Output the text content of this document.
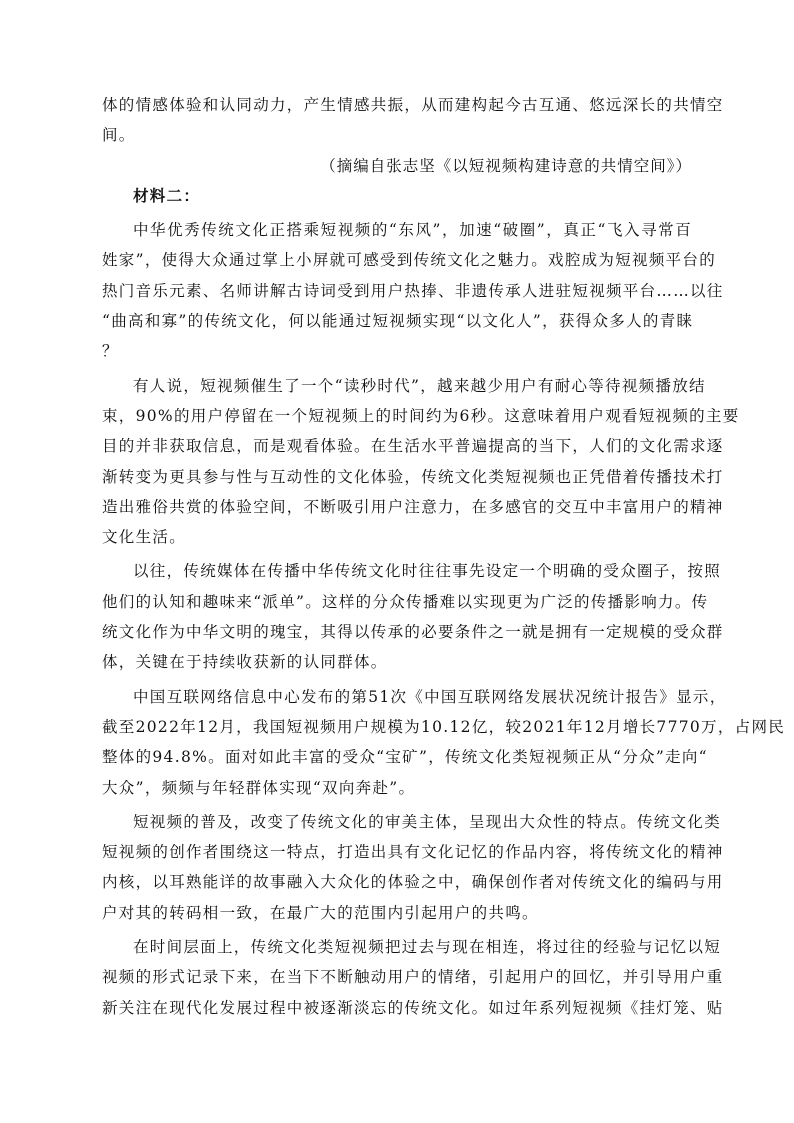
体的情感体验和认同动力，产生情感共振，从而建构起今古互通、悠远深长的共情空
间。
（摘编自张志坚《以短视频构建诗意的共情空间》）
材料二：
中华优秀传统文化正搭乘短视频的“东风”，加速“破圈”，真正“飞入寻常百
姓家”，使得大众通过掌上小屏就可感受到传统文化之魅力。戏腔成为短视频平台的
热门音乐元素、名师讲解古诗词受到用户热捧、非遗传承人进驻短视频平台……以往
“曲高和寡”的传统文化，何以能通过短视频实现“以文化人”，获得众多人的青睐
？
有人说，短视频催生了一个“读秒时代”，越来越少用户有耐心等待视频播放结
束，90%的用户停留在一个短视频上的时间约为6秒。这意味着用户观看短视频的主要
目的并非获取信息，而是观看体验。在生活水平普遍提高的当下，人们的文化需求逐
渐转变为更具参与性与互动性的文化体验，传统文化类短视频也正凭借着传播技术打
造出雅俗共赏的体验空间，不断吸引用户注意力，在多感官的交互中丰富用户的精神
文化生活。
以往，传统媒体在传播中华传统文化时往往事先设定一个明确的受众圈子，按照
他们的认知和趣味来“派单”。这样的分众传播难以实现更为广泛的传播影响力。传
统文化作为中华文明的瑰宝，其得以传承的必要条件之一就是拥有一定规模的受众群
体，关键在于持续收获新的认同群体。
中国互联网络信息中心发布的第51次《中国互联网络发展状况统计报告》显示，
截至2022年12月，我国短视频用户规模为10.12亿，较2021年12月增长7770万，占网民
整体的94.8%。面对如此丰富的受众“宝矿”，传统文化类短视频正从“分众”走向“
大众”，频频与年轻群体实现“双向奔赴”。
短视频的普及，改变了传统文化的审美主体，呈现出大众性的特点。传统文化类
短视频的创作者围绕这一特点，打造出具有文化记忆的作品内容，将传统文化的精神
内核，以耳熟能详的故事融入大众化的体验之中，确保创作者对传统文化的编码与用
户对其的转码相一致，在最广大的范围内引起用户的共鸣。
在时间层面上，传统文化类短视频把过去与现在相连，将过往的经验与记忆以短
视频的形式记录下来，在当下不断触动用户的情绪，引起用户的回忆，并引导用户重
新关注在现代化发展过程中被逐渐淡忘的传统文化。如过年系列短视频《挂灯笼、贴
